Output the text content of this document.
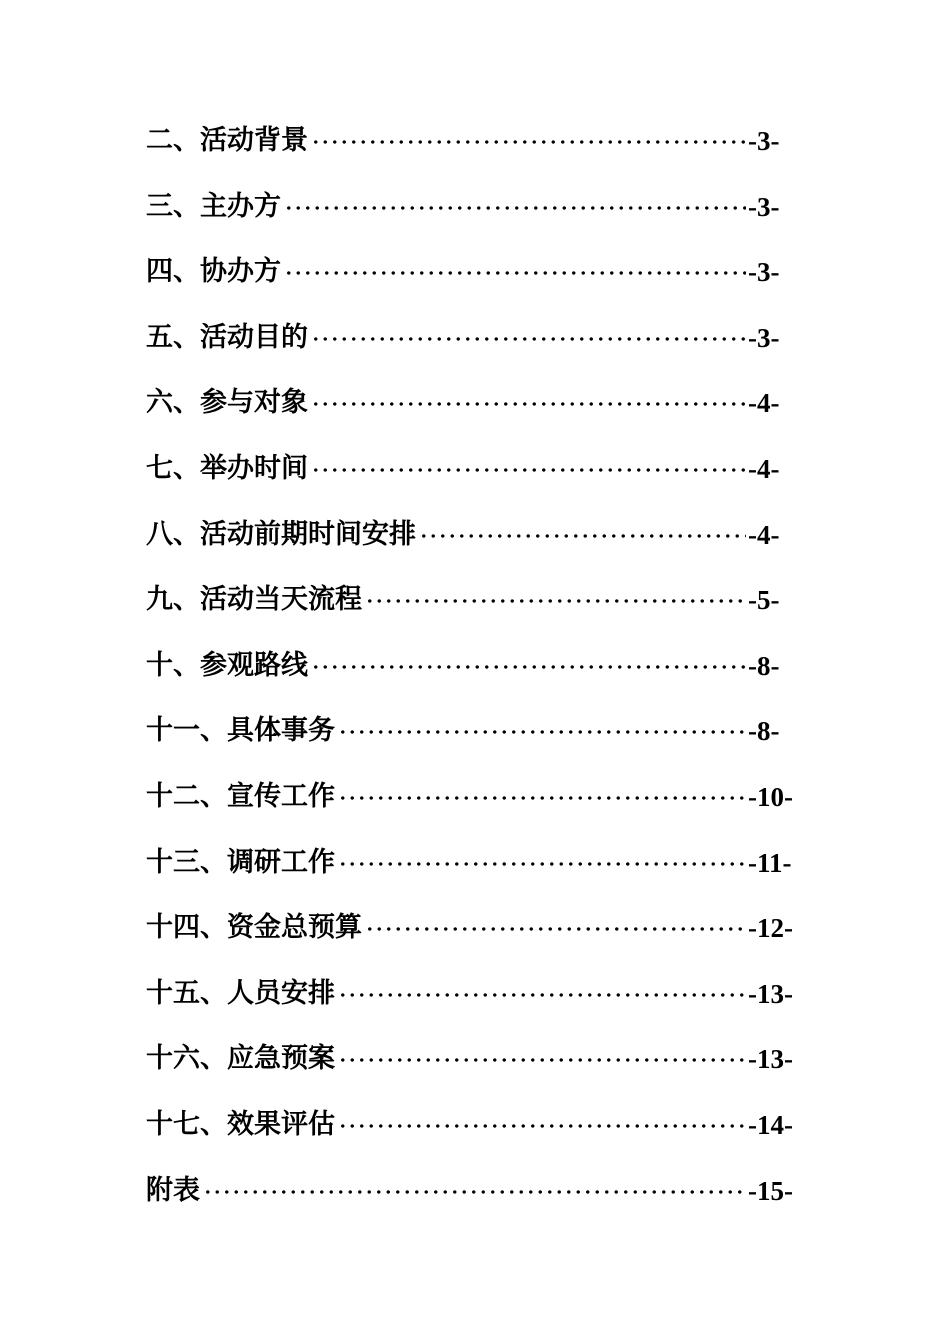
二、活动背景	-3-
三、主办方	-3-
四、协办方	-3-
五、活动目的	-3-
六、参与对象	-4-
七、举办时间	-4-
八、活动前期时间安排	-4-
九、活动当天流程	-5-
十、参观路线	-8-
十一、具体事务	-8-
十二、宣传工作	-10-
十三、调研工作	-11-
十四、资金总预算	-12-
十五、人员安排	-13-
十六、应急预案	-13-
十七、效果评估	-14-
附表	-15-
